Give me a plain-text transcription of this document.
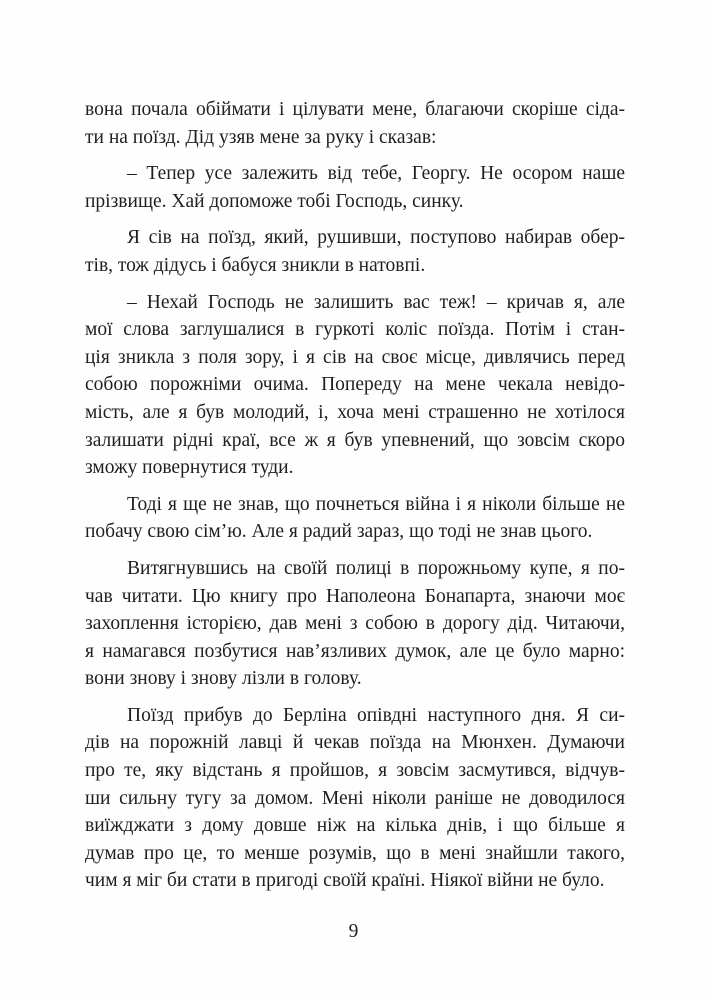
вона почала обіймати і цілувати мене, благаючи скоріше сіда-
ти на поїзд. Дід узяв мене за руку і сказав:
– Тепер усе залежить від тебе, Георгу. Не осором наше
прізвище. Хай допоможе тобі Господь, синку.
Я сів на поїзд, який, рушивши, поступово набирав обер-
тів, тож дідусь і бабуся зникли в натовпі.
– Нехай Господь не залишить вас теж! – кричав я, але
мої слова заглушалися в гуркоті коліс поїзда. Потім і стан-
ція зникла з поля зору, і я сів на своє місце, дивлячись перед
собою порожніми очима. Попереду на мене чекала невідо-
мість, але я був молодий, і, хоча мені страшенно не хотілося
залишати рідні краї, все ж я був упевнений, що зовсім скоро
зможу повернутися туди.
Тоді я ще не знав, що почнеться війна і я ніколи більше не
побачу свою сім’ю. Але я радий зараз, що тоді не знав цього.
Витягнувшись на своїй полиці в порожньому купе, я по-
чав читати. Цю книгу про Наполеона Бонапарта, знаючи моє
захоплення історією, дав мені з собою в дорогу дід. Читаючи,
я намагався позбутися нав’язливих думок, але це було марно:
вони знову і знову лізли в голову.
Поїзд прибув до Берліна опівдні наступного дня. Я си-
дів на порожній лавці й чекав поїзда на Мюнхен. Думаючи
про те, яку відстань я пройшов, я зовсім засмутився, відчув-
ши сильну тугу за домом. Мені ніколи раніше не доводилося
виїжджати з дому довше ніж на кілька днів, і що більше я
думав про це, то менше розумів, що в мені знайшли такого,
чим я міг би стати в пригоді своїй країні. Ніякої війни не було.
9
